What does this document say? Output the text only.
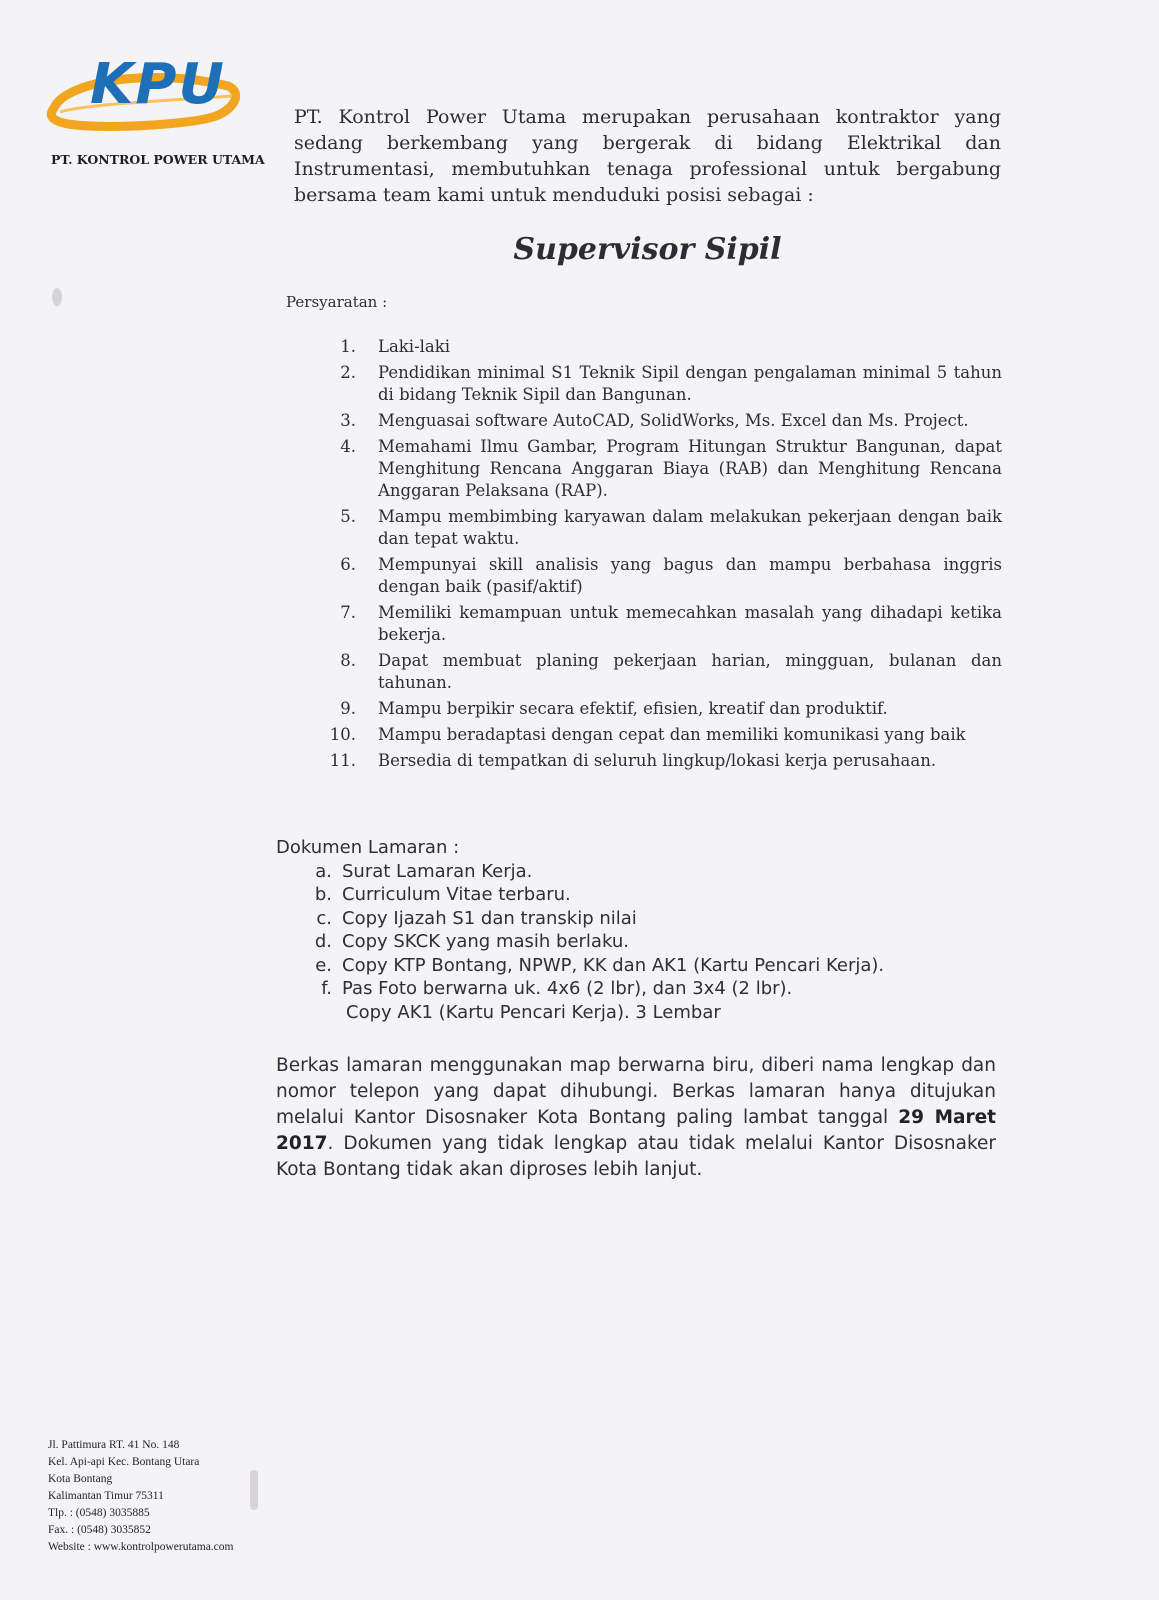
KPU
PT. KONTROL POWER UTAMA

PT. Kontrol Power Utama merupakan perusahaan kontraktor yang sedang berkembang yang bergerak di bidang Elektrikal dan Instrumentasi, membutuhkan tenaga professional untuk bergabung bersama team kami untuk menduduki posisi sebagai :

Supervisor Sipil
Persyaratan :
1.	Laki-laki
2.	Pendidikan minimal S1 Teknik Sipil dengan pengalaman minimal 5 tahun di bidang Teknik Sipil dan Bangunan.
3.	Menguasai software AutoCAD, SolidWorks, Ms. Excel dan Ms. Project.
4.	Memahami Ilmu Gambar, Program Hitungan Struktur Bangunan, dapat Menghitung Rencana Anggaran Biaya (RAB) dan Menghitung Rencana Anggaran Pelaksana (RAP).
5.	Mampu membimbing karyawan dalam melakukan pekerjaan dengan baik dan tepat waktu.
6.	Mempunyai skill analisis yang bagus dan mampu berbahasa inggris dengan baik (pasif/aktif)
7.	Memiliki kemampuan untuk memecahkan masalah yang dihadapi ketika bekerja.
8.	Dapat membuat planing pekerjaan harian, mingguan, bulanan dan tahunan.
9.	Mampu berpikir secara efektif, efisien, kreatif dan produktif.
10.	Mampu beradaptasi dengan cepat dan memiliki komunikasi yang baik
11.	Bersedia di tempatkan di seluruh lingkup/lokasi kerja perusahaan.

Dokumen Lamaran :

a. Surat Lamaran Kerja.
b. Curriculum Vitae terbaru.
c. Copy Ijazah S1 dan transkip nilai
d. Copy SKCK yang masih berlaku.
e. Copy KTP Bontang, NPWP, KK dan AK1 (Kartu Pencari Kerja).
f. Pas Foto berwarna uk. 4x6 (2 lbr), dan 3x4 (2 lbr).
Copy AK1 (Kartu Pencari Kerja). 3 Lembar

Berkas lamaran menggunakan map berwarna biru, diberi nama lengkap dan nomor telepon yang dapat dihubungi. Berkas lamaran hanya ditujukan melalui Kantor Disosnaker Kota Bontang paling lambat tanggal 29 Maret 2017. Dokumen yang tidak lengkap atau tidak melalui Kantor Disosnaker Kota Bontang tidak akan diproses lebih lanjut.

Jl. Pattimura RT. 41 No. 148
Kel. Api-api Kec. Bontang Utara
Kota Bontang
Kalimantan Timur 75311
Tlp. : (0548) 3035885
Fax. : (0548) 3035852
Website : www.kontrolpowerutama.com
